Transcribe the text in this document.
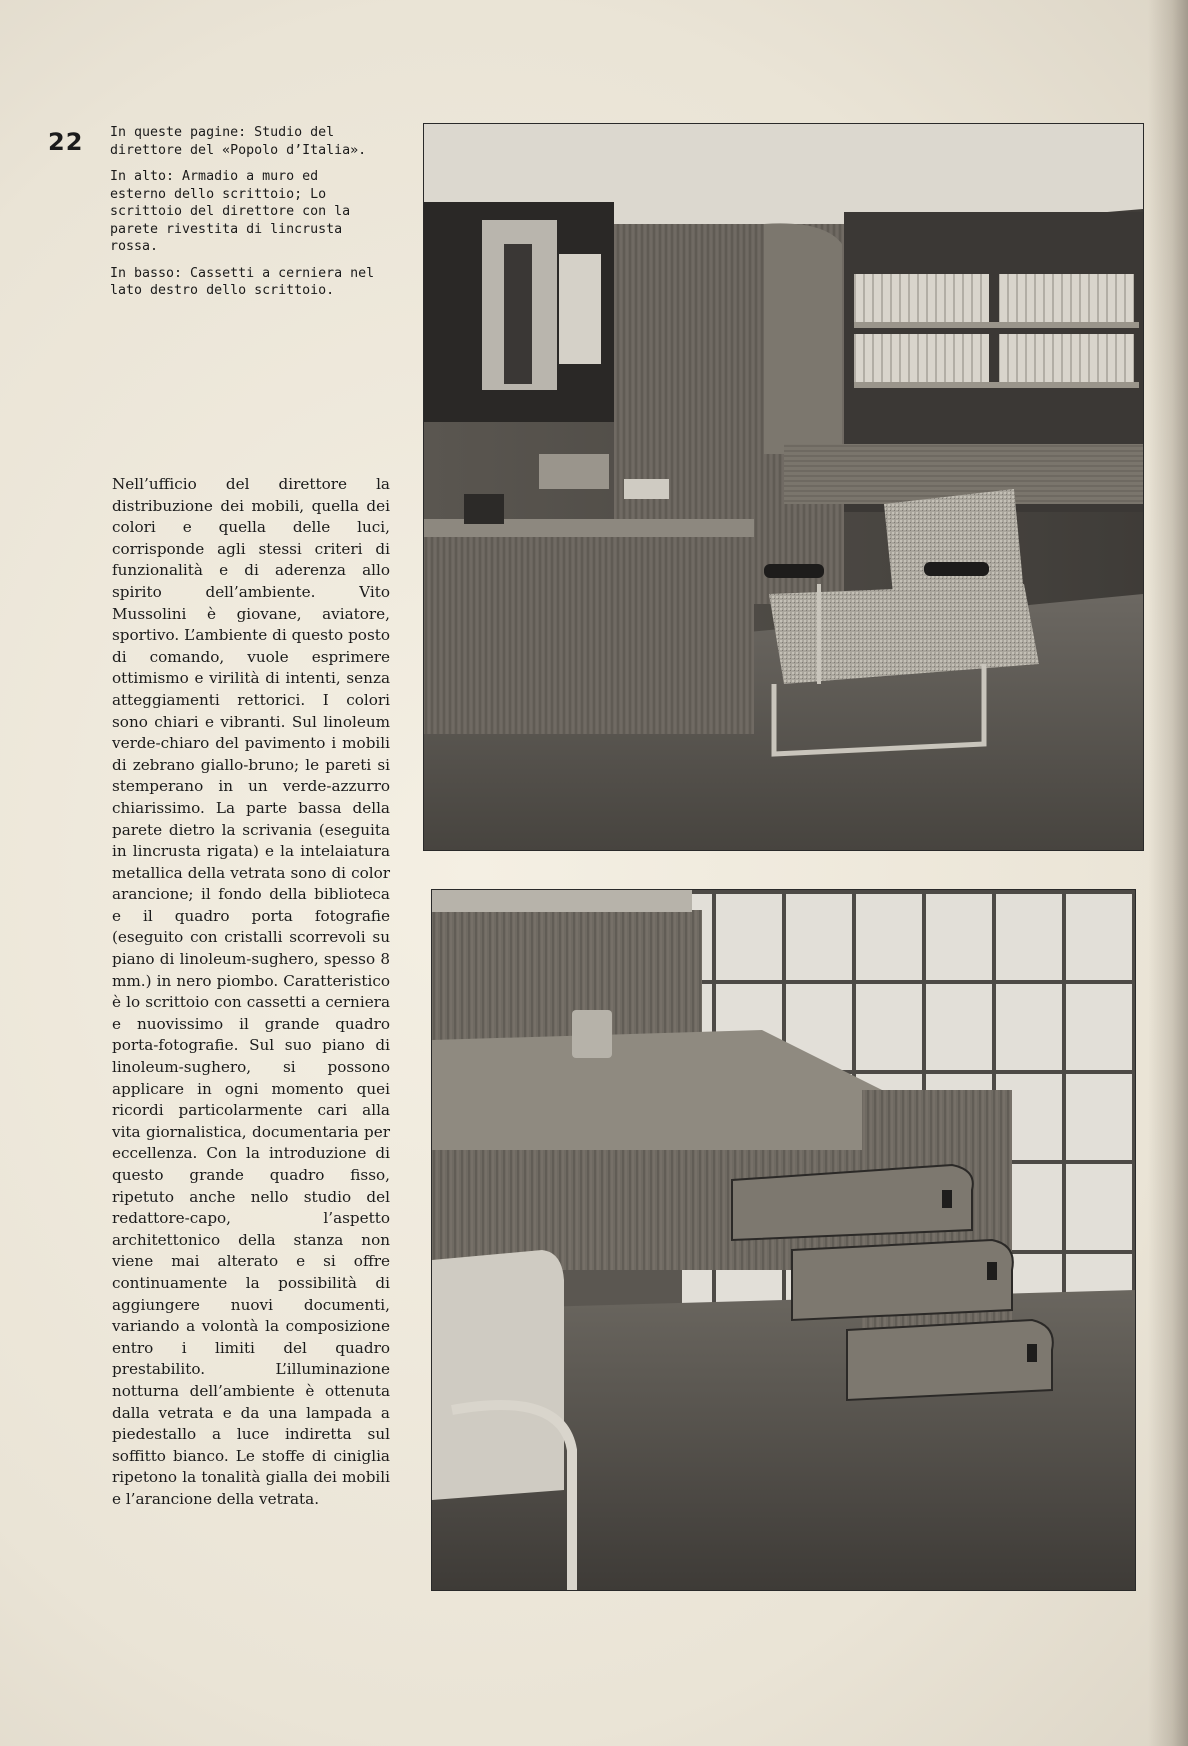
22 In queste pagine: Studio del direttore del «Popolo d’Italia».

In alto: Armadio a muro ed esterno dello scrittoio; Lo scrittoio del direttore con la parete rivestita di lincrusta rossa.

In basso: Cassetti a cerniera nel lato destro dello scrittoio.

Nell’ufficio del direttore la distribuzione dei mobili, quella dei colori e quella delle luci, corrisponde agli stessi criteri di funzionalità e di aderenza allo spirito dell’ambiente. Vito Mussolini è giovane, aviatore, sportivo. L’ambiente di questo posto di comando, vuole esprimere ottimismo e virilità di intenti, senza atteggiamenti rettorici. I colori sono chiari e vibranti. Sul linoleum verde-chiaro del pavimento i mobili di zebrano giallo-bruno; le pareti si stemperano in un verde-azzurro chiarissimo. La parte bassa della parete dietro la scrivania (eseguita in lincrusta rigata) e la intelaiatura metallica della vetrata sono di color arancione; il fondo della biblioteca e il quadro porta fotografie (eseguito con cristalli scorrevoli su piano di linoleum-sughero, spesso 8 mm.) in nero piombo. Caratteristico è lo scrittoio con cassetti a cerniera e nuovissimo il grande quadro porta-fotografie. Sul suo piano di linoleum-sughero, si possono applicare in ogni momento quei ricordi particolarmente cari alla vita giornalistica, documentaria per eccellenza. Con la introduzione di questo grande quadro fisso, ripetuto anche nello studio del redattore-capo, l’aspetto architettonico della stanza non viene mai alterato e si offre continuamente la possibilità di aggiungere nuovi documenti, variando a volontà la composizione entro i limiti del quadro prestabilito. L’illuminazione notturna dell’ambiente è ottenuta dalla vetrata e da una lampada a piedestallo a luce indiretta sul soffitto bianco. Le stoffe di ciniglia ripetono la tonalità gialla dei mobili e l’arancione della vetrata.
